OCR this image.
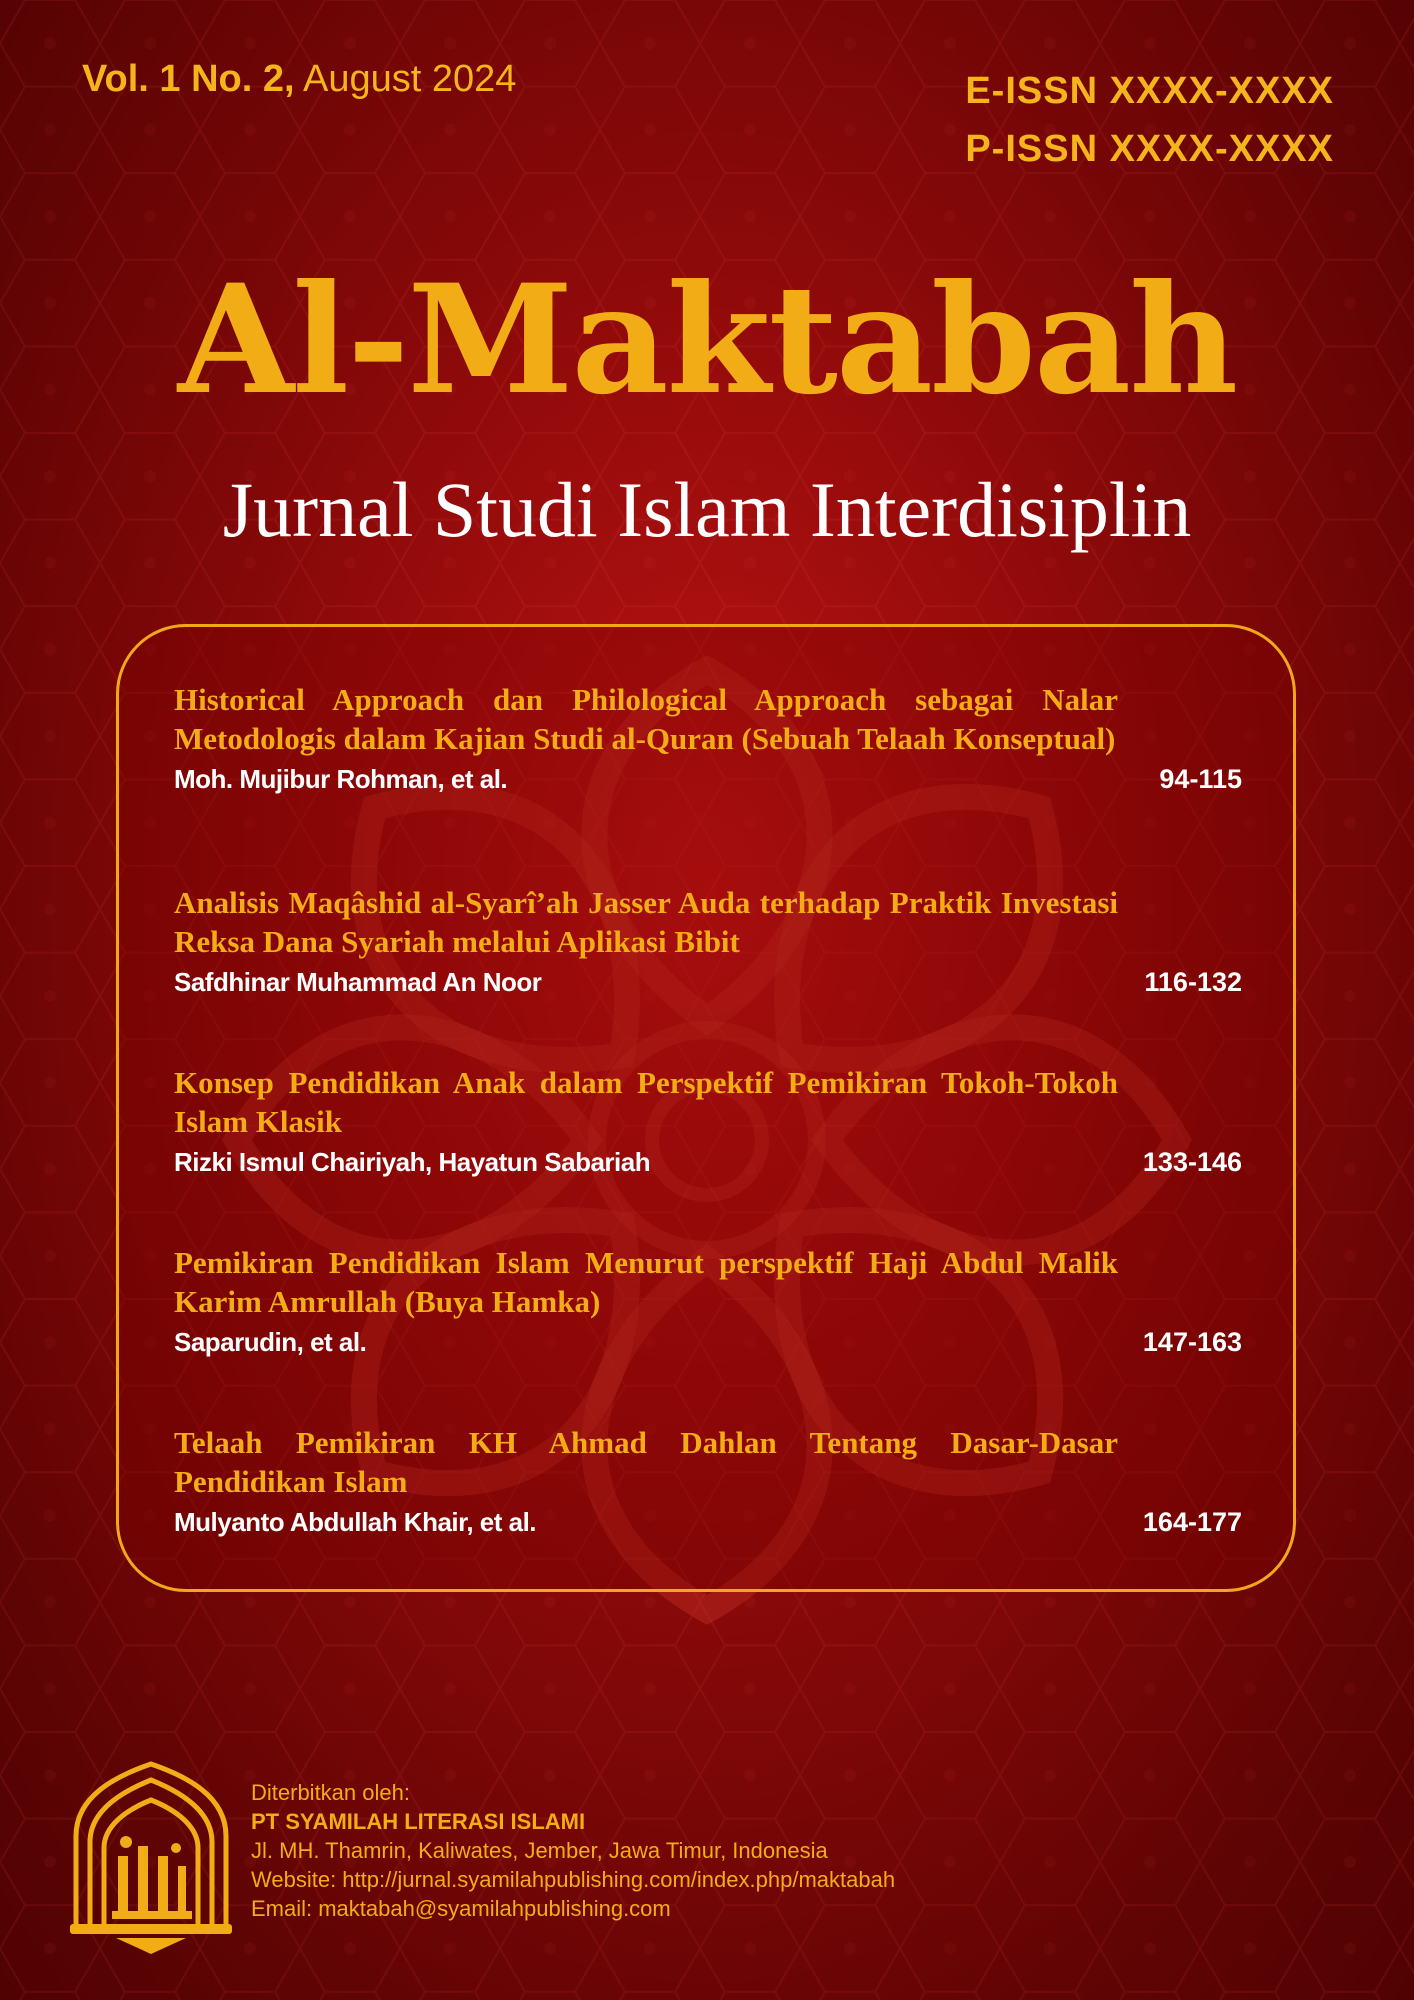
Vol. 1 No. 2, August 2024	E-ISSN XXXX-XXXX
P-ISSN XXXX-XXXX
Al-Maktabah
Jurnal Studi Islam Interdisiplin
Historical Approach dan Philological Approach sebagai Nalar Metodologis dalam Kajian Studi al-Quran (Sebuah Telaah Konseptual)
Moh. Mujibur Rohman, et al.	94-115
Analisis Maqâshid al-Syarî’ah Jasser Auda terhadap Praktik Investasi Reksa Dana Syariah melalui Aplikasi Bibit
Safdhinar Muhammad An Noor	116-132
Konsep Pendidikan Anak dalam Perspektif Pemikiran Tokoh-Tokoh Islam Klasik
Rizki Ismul Chairiyah, Hayatun Sabariah	133-146
Pemikiran Pendidikan Islam Menurut perspektif Haji Abdul Malik Karim Amrullah (Buya Hamka)
Saparudin, et al.	147-163
Telaah Pemikiran KH Ahmad Dahlan Tentang Dasar-Dasar Pendidikan Islam
Mulyanto Abdullah Khair, et al.	164-177
Diterbitkan oleh:
PT SYAMILAH LITERASI ISLAMI
Jl. MH. Thamrin, Kaliwates, Jember, Jawa Timur, Indonesia
Website: http://jurnal.syamilahpublishing.com/index.php/maktabah
Email: maktabah@syamilahpublishing.com
